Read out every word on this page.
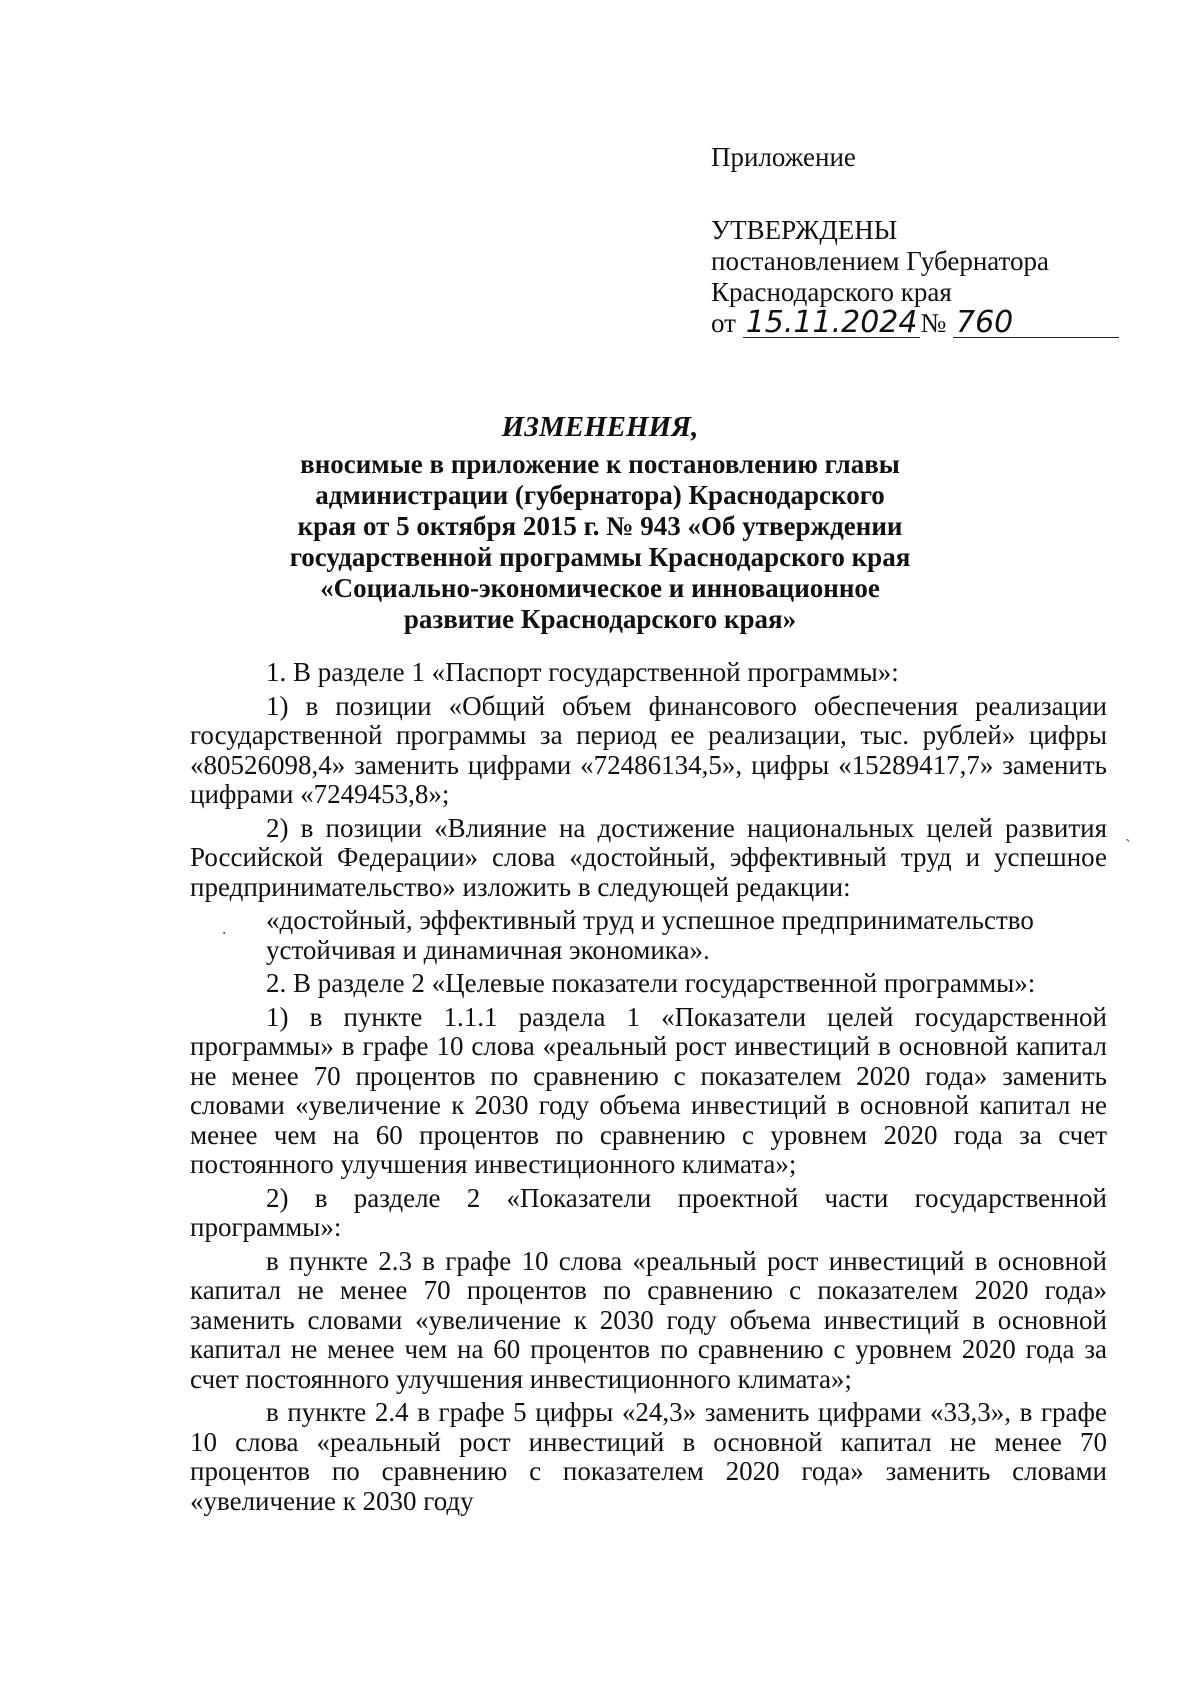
Приложение
УТВЕРЖДЕНЫ
постановлением Губернатора
Краснодарского края
от 15.11.2024 № 760
ИЗМЕНЕНИЯ,
вносимые в приложение к постановлению главы
администрации (губернатора) Краснодарского
края от 5 октября 2015 г. № 943 «Об утверждении
государственной программы Краснодарского края
«Социально-экономическое и инновационное
развитие Краснодарского края»

1. В разделе 1 «Паспорт государственной программы»:

1) в позиции «Общий объем финансового обеспечения реализации государственной программы за период ее реализации, тыс. рублей» цифры «80526098,4» заменить цифрами «72486134,5», цифры «15289417,7» заменить цифрами «7249453,8»;

2) в позиции «Влияние на достижение национальных целей развития Российской Федерации» слова «достойный, эффективный труд и успешное предпринимательство» изложить в следующей редакции:

«достойный, эффективный труд и успешное предпринимательство

устойчивая и динамичная экономика».

2. В разделе 2 «Целевые показатели государственной программы»:

1) в пункте 1.1.1 раздела 1 «Показатели целей государственной программы» в графе 10 слова «реальный рост инвестиций в основной капитал не менее 70 процентов по сравнению с показателем 2020 года» заменить словами «увеличение к 2030 году объема инвестиций в основной капитал не менее чем на 60 процентов по сравнению с уровнем 2020 года за счет постоянного улучшения инвестиционного климата»;

2) в разделе 2 «Показатели проектной части государственной программы»:

в пункте 2.3 в графе 10 слова «реальный рост инвестиций в основной капитал не менее 70 процентов по сравнению с показателем 2020 года» заменить словами «увеличение к 2030 году объема инвестиций в основной капитал не менее чем на 60 процентов по сравнению с уровнем 2020 года за счет постоянного улучшения инвестиционного климата»;

в пункте 2.4 в графе 5 цифры «24,3» заменить цифрами «33,3», в графе 10 слова «реальный рост инвестиций в основной капитал не менее 70 процентов по сравнению с показателем 2020 года» заменить словами «увеличение к 2030 году

ˎ
.
